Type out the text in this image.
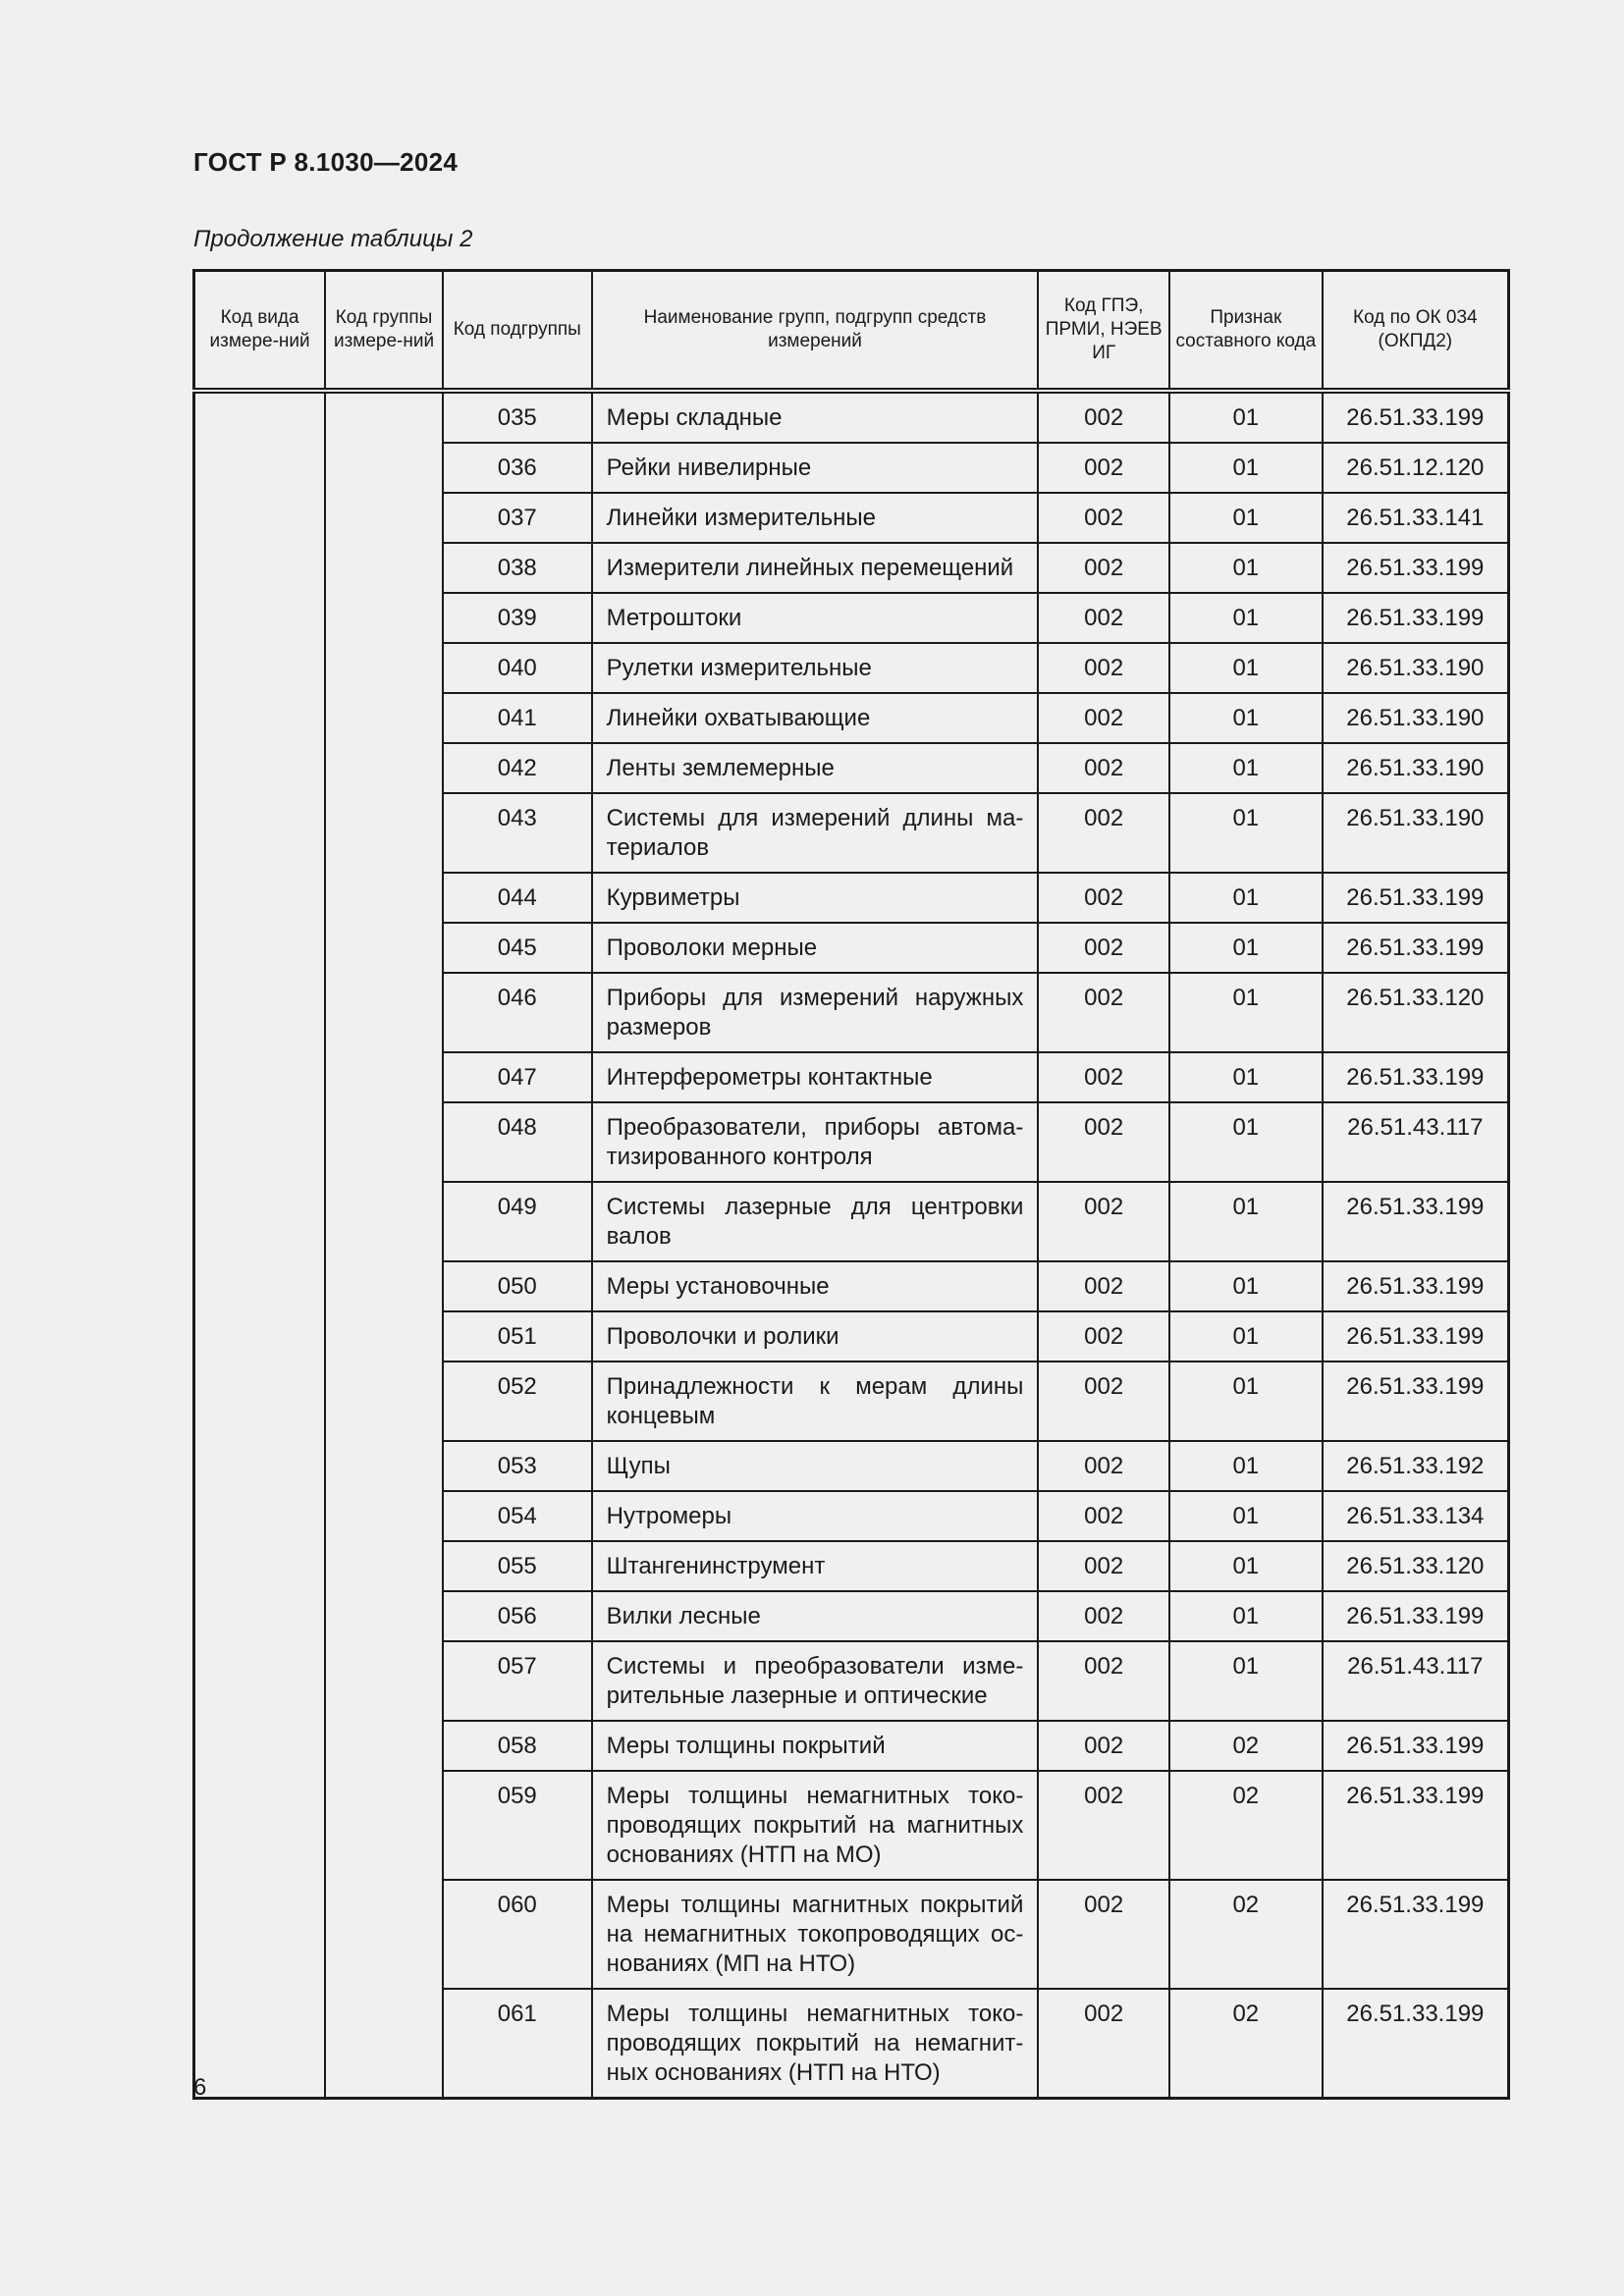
ГОСТ Р 8.1030—2024
Продолжение таблицы 2
Код вида измере-ний	Код группы измере-ний	Код подгруппы	Наименование групп, подгрупп средств измерений	Код ГПЭ, ПРМИ, НЭЕВ ИГ	Признак составного кода	Код по ОК 034 (ОКПД2)
		035	Меры складные	002	01	26.51.33.199
		036	Рейки нивелирные	002	01	26.51.12.120
		037	Линейки измерительные	002	01	26.51.33.141
		038	Измерители линейных перемещений	002	01	26.51.33.199
		039	Метроштоки	002	01	26.51.33.199
		040	Рулетки измерительные	002	01	26.51.33.190
		041	Линейки охватывающие	002	01	26.51.33.190
		042	Ленты землемерные	002	01	26.51.33.190
		043	Системы для измерений длины материалов	002	01	26.51.33.190
		044	Курвиметры	002	01	26.51.33.199
		045	Проволоки мерные	002	01	26.51.33.199
		046	Приборы для измерений наружных размеров	002	01	26.51.33.120
		047	Интерферометры контактные	002	01	26.51.33.199
		048	Преобразователи, приборы автоматизированного контроля	002	01	26.51.43.117
		049	Системы лазерные для центровки валов	002	01	26.51.33.199
		050	Меры установочные	002	01	26.51.33.199
		051	Проволочки и ролики	002	01	26.51.33.199
		052	Принадлежности к мерам длины концевым	002	01	26.51.33.199
		053	Щупы	002	01	26.51.33.192
		054	Нутромеры	002	01	26.51.33.134
		055	Штангенинструмент	002	01	26.51.33.120
		056	Вилки лесные	002	01	26.51.33.199
		057	Системы и преобразователи измерительные лазерные и оптические	002	01	26.51.43.117
		058	Меры толщины покрытий	002	02	26.51.33.199
		059	Меры толщины немагнитных токопроводящих покрытий на магнитных основаниях (НТП на МО)	002	02	26.51.33.199
		060	Меры толщины магнитных покрытий на немагнитных токопроводящих основаниях (МП на НТО)	002	02	26.51.33.199
		061	Меры толщины немагнитных токопроводящих покрытий на немагнитных основаниях (НТП на НТО)	002	02	26.51.33.199
6
